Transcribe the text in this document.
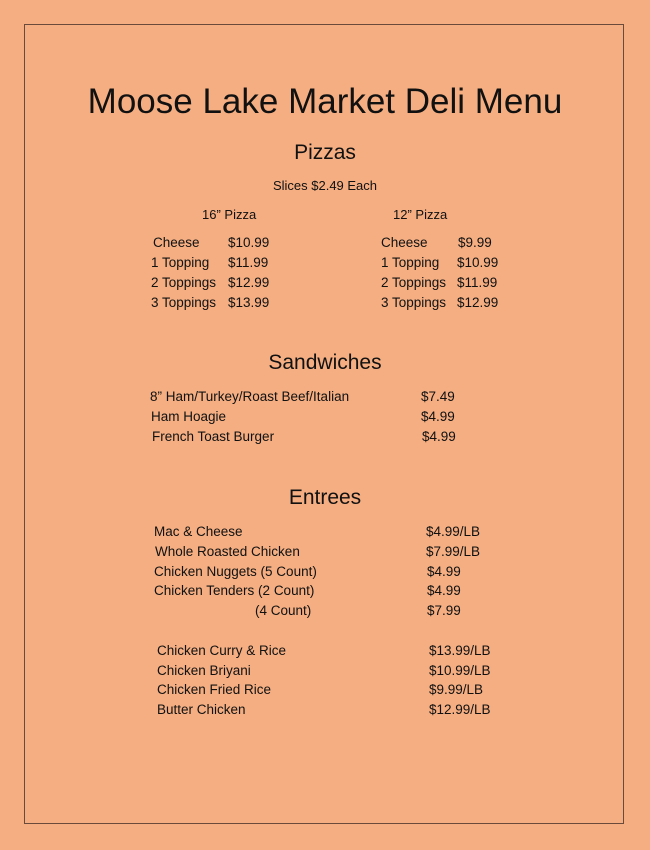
Moose Lake Market Deli Menu
Pizzas
Slices $2.49 Each
16” Pizza	12” Pizza
Cheese $10.99
1 Topping $11.99
2 Toppings $12.99
3 Toppings $13.99
Cheese $9.99
1 Topping $10.99
2 Toppings $11.99
3 Toppings $12.99
Sandwiches
8” Ham/Turkey/Roast Beef/Italian	$7.49
Ham Hoagie	$4.99
French Toast Burger	$4.99
Entrees
Mac & Cheese	$4.99/LB
Whole Roasted Chicken	$7.99/LB
Chicken Nuggets (5 Count)	$4.99
Chicken Tenders (2 Count)	$4.99
(4 Count)	$7.99
Chicken Curry & Rice	$13.99/LB
Chicken Briyani	$10.99/LB
Chicken Fried Rice	$9.99/LB
Butter Chicken	$12.99/LB
